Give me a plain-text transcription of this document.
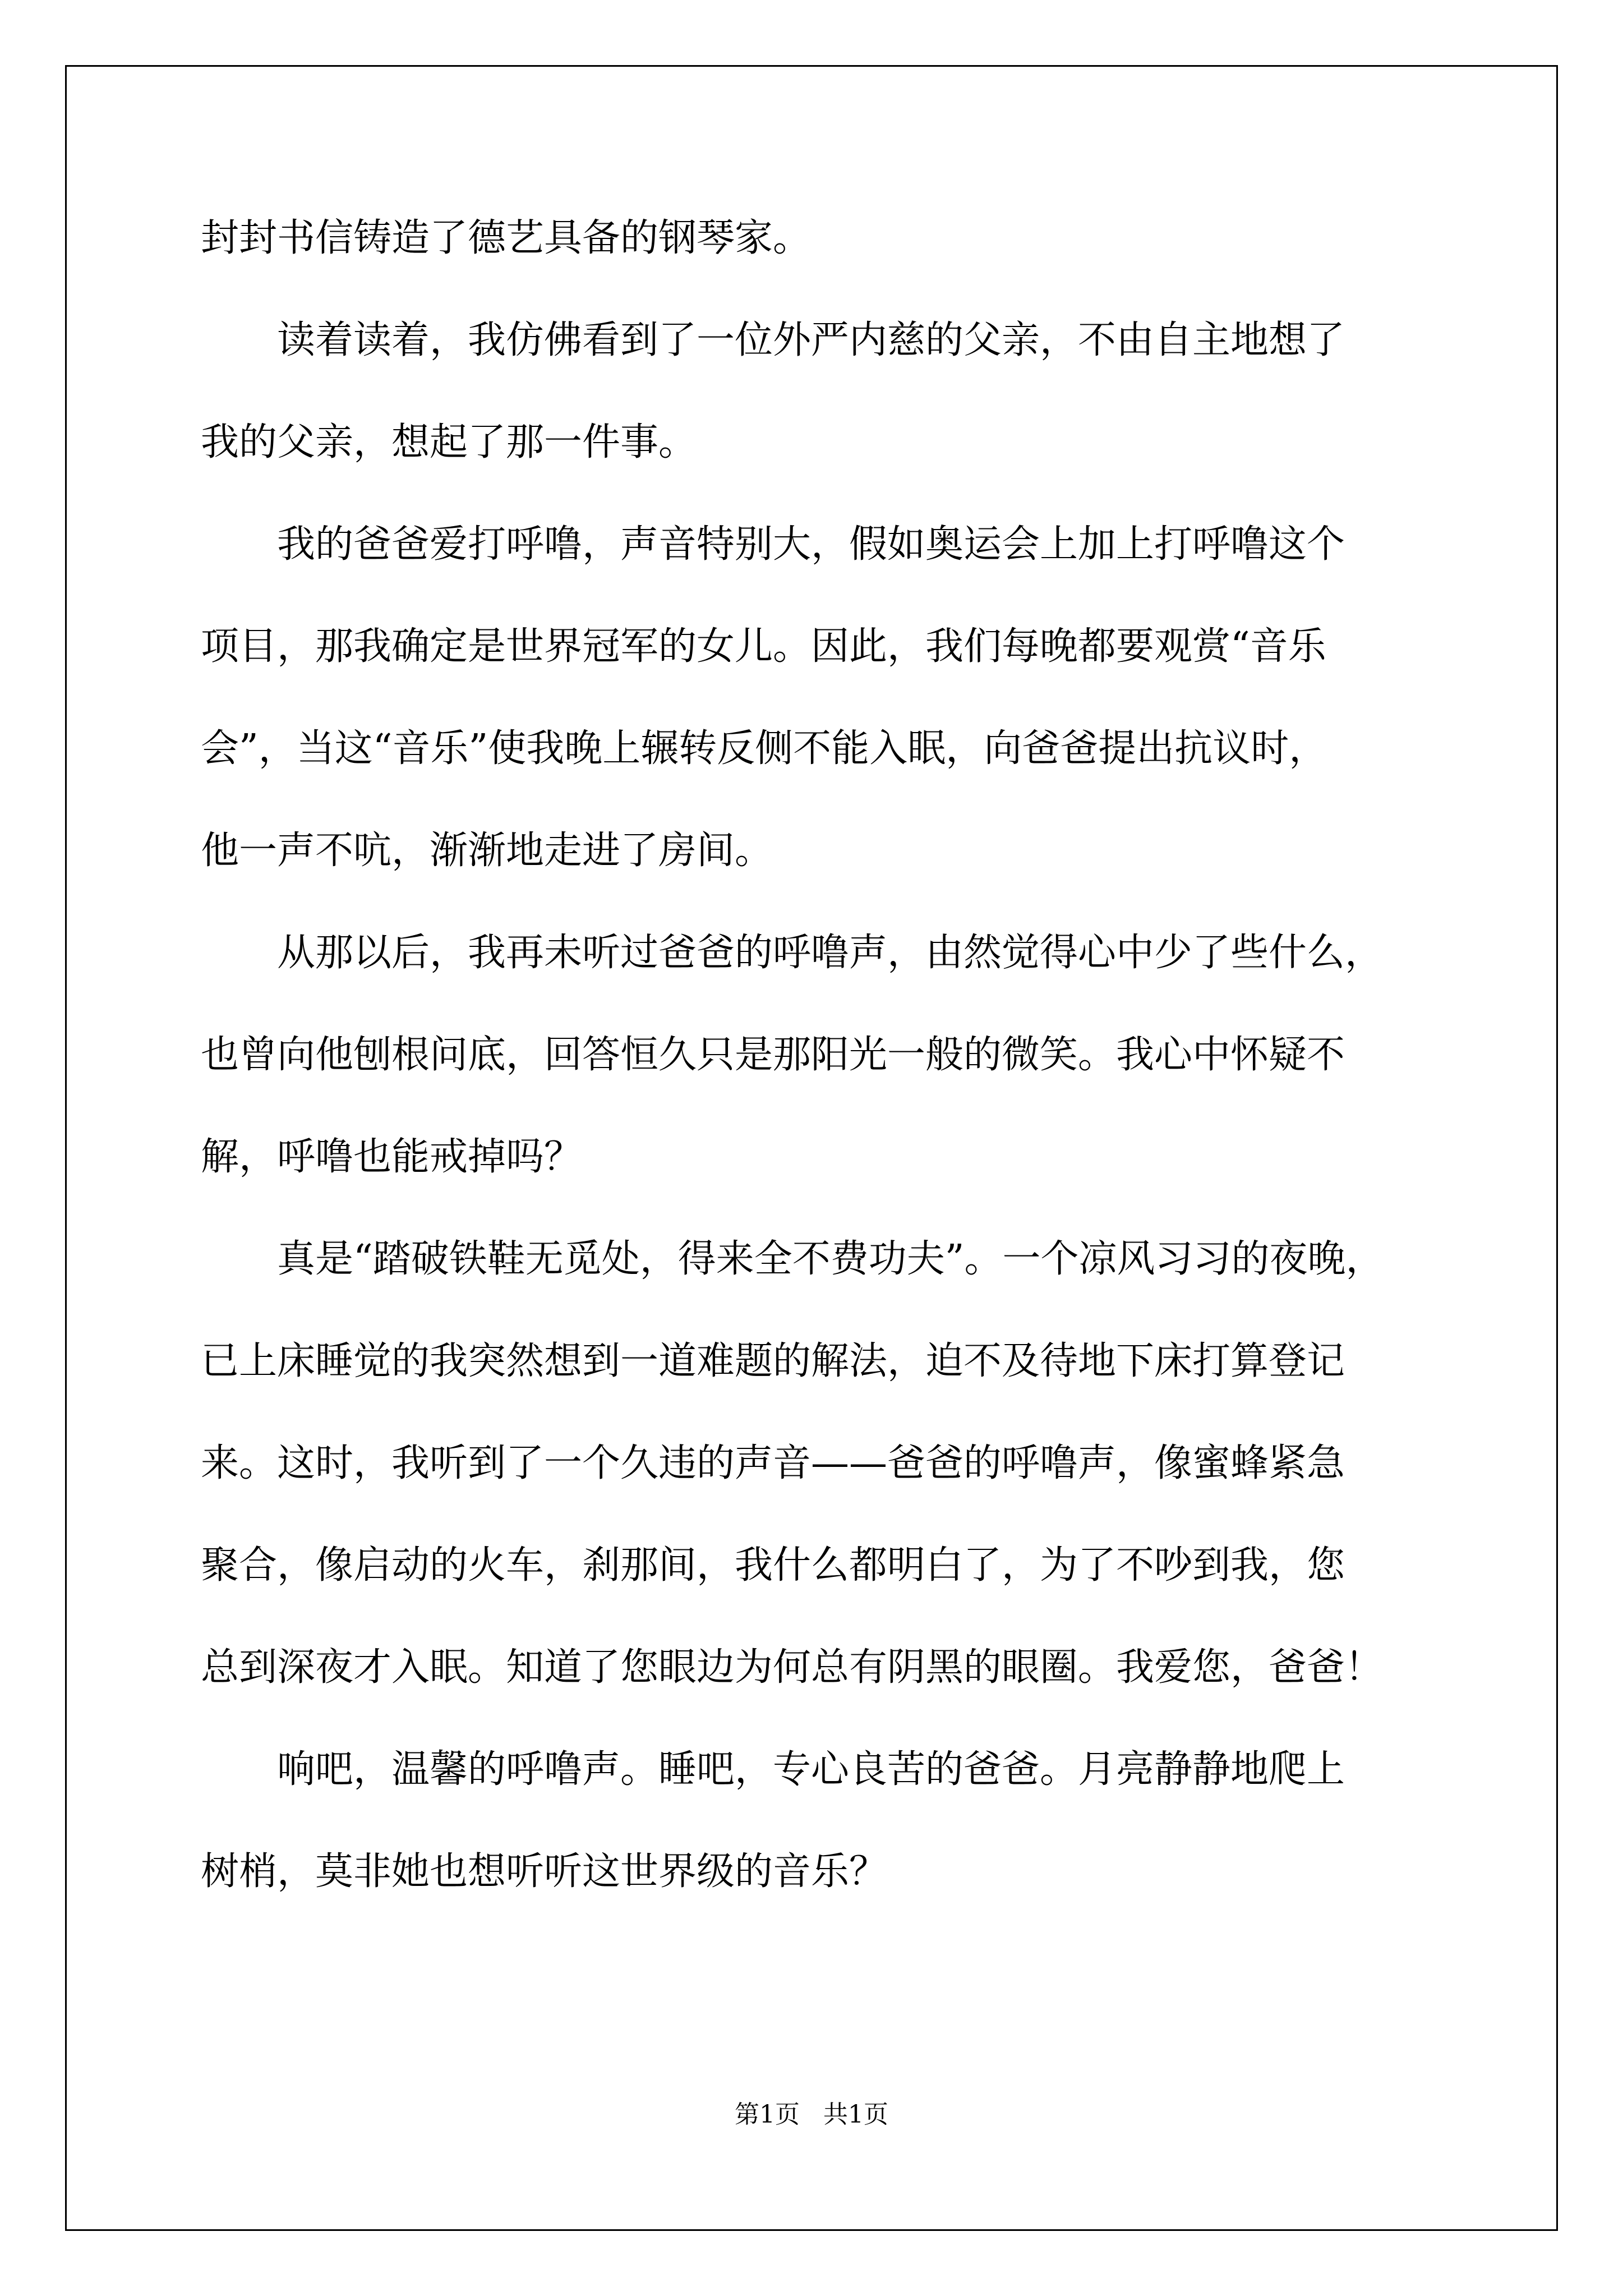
封封书信铸造了德艺具备的钢琴家。
　　读着读着，我仿佛看到了一位外严内慈的父亲，不由自主地想了
我的父亲，想起了那一件事。
　　我的爸爸爱打呼噜，声音特别大，假如奥运会上加上打呼噜这个
项目，那我确定是世界冠军的女儿。因此，我们每晚都要观赏“音乐
会”，当这“音乐”使我晚上辗转反侧不能入眠，向爸爸提出抗议时，
他一声不吭，渐渐地走进了房间。
　　从那以后，我再未听过爸爸的呼噜声，由然觉得心中少了些什么，
也曾向他刨根问底，回答恒久只是那阳光一般的微笑。我心中怀疑不
解，呼噜也能戒掉吗？
　　真是“踏破铁鞋无觅处，得来全不费功夫”。一个凉风习习的夜晚，
已上床睡觉的我突然想到一道难题的解法，迫不及待地下床打算登记
来。这时，我听到了一个久违的声音——爸爸的呼噜声，像蜜蜂紧急
聚合，像启动的火车，刹那间，我什么都明白了，为了不吵到我，您
总到深夜才入眠。知道了您眼边为何总有阴黑的眼圈。我爱您，爸爸！
　　响吧，温馨的呼噜声。睡吧，专心良苦的爸爸。月亮静静地爬上
树梢，莫非她也想听听这世界级的音乐？
第1页 共1页
